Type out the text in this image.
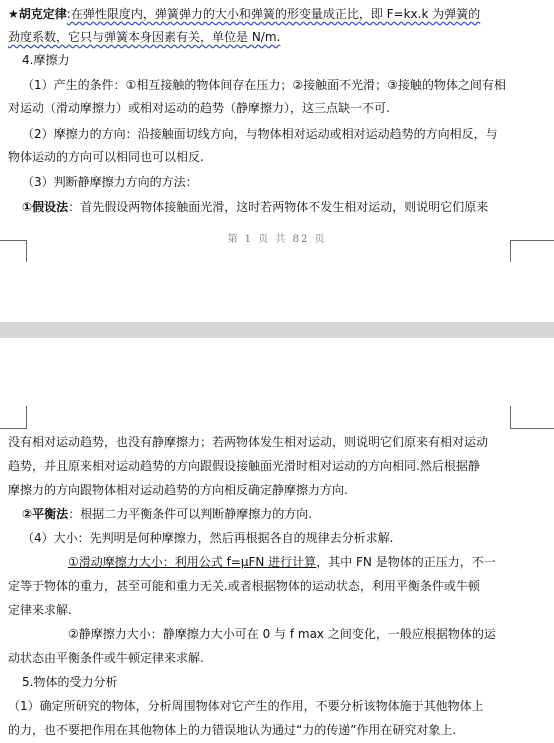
★胡克定律:在弹性限度内，弹簧弹力的大小和弹簧的形变量成正比，即 F=kx.k 为弹簧的
劲度系数，它只与弹簧本身因素有关，单位是 N/m.
4.摩擦力
（1）产生的条件：①相互接触的物体间存在压力；②接触面不光滑；③接触的物体之间有相
对运动（滑动摩擦力）或相对运动的趋势（静摩擦力），这三点缺一不可.
（2）摩擦力的方向：沿接触面切线方向，与物体相对运动或相对运动趋势的方向相反，与
物体运动的方向可以相同也可以相反.
（3）判断静摩擦力方向的方法：
①假设法：首先假设两物体接触面光滑，这时若两物体不发生相对运动，则说明它们原来
第 1 页 共 82 页
没有相对运动趋势，也没有静摩擦力；若两物体发生相对运动，则说明它们原来有相对运动
趋势，并且原来相对运动趋势的方向跟假设接触面光滑时相对运动的方向相同.然后根据静
摩擦力的方向跟物体相对运动趋势的方向相反确定静摩擦力方向.
②平衡法：根据二力平衡条件可以判断静摩擦力的方向.
（4）大小：先判明是何种摩擦力，然后再根据各自的规律去分析求解.
①滑动摩擦力大小：利用公式 f=μFN 进行计算，其中 FN 是物体的正压力，不一
定等于物体的重力，甚至可能和重力无关.或者根据物体的运动状态，利用平衡条件或牛顿
定律来求解.
②静摩擦力大小：静摩擦力大小可在 0 与 f max 之间变化，一般应根据物体的运
动状态由平衡条件或牛顿定律来求解.
5.物体的受力分析
（1）确定所研究的物体，分析周围物体对它产生的作用，不要分析该物体施于其他物体上
的力，也不要把作用在其他物体上的力错误地认为通过“力的传递”作用在研究对象上.
